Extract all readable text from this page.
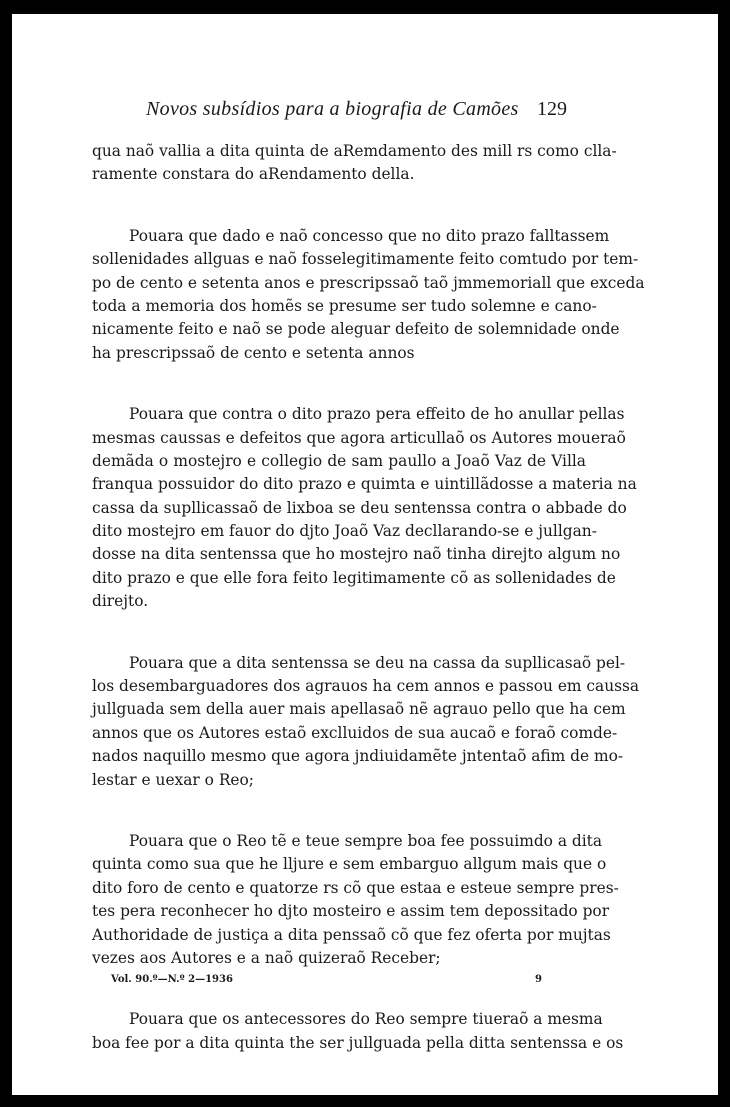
Novos subsídios para a biografia de Camões 129
qua naõ vallia a dita quinta de aRemdamento des mill rs como clla-
ramente constara do aRendamento della.
Pouara que dado e naõ concesso que no dito prazo falltassem
sollenidades allguas e naõ fosselegitimamente feito comtudo por tem-
po de cento e setenta anos e prescripssaõ taõ jmmemoriall que exceda
toda a memoria dos homẽs se presume ser tudo solemne e cano-
nicamente feito e naõ se pode aleguar defeito de solemnidade onde
ha prescripssaõ de cento e setenta annos
Pouara que contra o dito prazo pera effeito de ho anullar pellas
mesmas caussas e defeitos que agora articullaõ os Autores moueraõ
demãda o mostejro e collegio de sam paullo a Joaõ Vaz de Villa
franqua possuidor do dito prazo e quimta e uintillãdosse a materia na
cassa da supllicassaõ de lixboa se deu sentenssa contra o abbade do
dito mostejro em fauor do djto Joaõ Vaz decllarando-se e jullgan-
dosse na dita sentenssa que ho mostejro naõ tinha direjto algum no
dito prazo e que elle fora feito legitimamente cõ as sollenidades de
direjto.
Pouara que a dita sentenssa se deu na cassa da supllicasaõ pel-
los desembarguadores dos agrauos ha cem annos e passou em caussa
jullguada sem della auer mais apellasaõ nẽ agrauo pello que ha cem
annos que os Autores estaõ exclluidos de sua aucaõ e foraõ comde-
nados naquillo mesmo que agora jndiuidamẽte jntentaõ afim de mo-
lestar e uexar o Reo;
Pouara que o Reo tẽ e teue sempre boa fee possuimdo a dita
quinta como sua que he lljure e sem embarguo allgum mais que o
dito foro de cento e quatorze rs cõ que estaa e esteue sempre pres-
tes pera reconhecer ho djto mosteiro e assim tem depossitado por
Authoridade de justiça a dita penssaõ cõ que fez oferta por mujtas
vezes aos Autores e a naõ quizeraõ Receber;
Pouara que os antecessores do Reo sempre tiueraõ a mesma
boa fee por a dita quinta the ser jullguada pella ditta sentenssa e os
Vol. 90.º—N.º 2—1936	9
